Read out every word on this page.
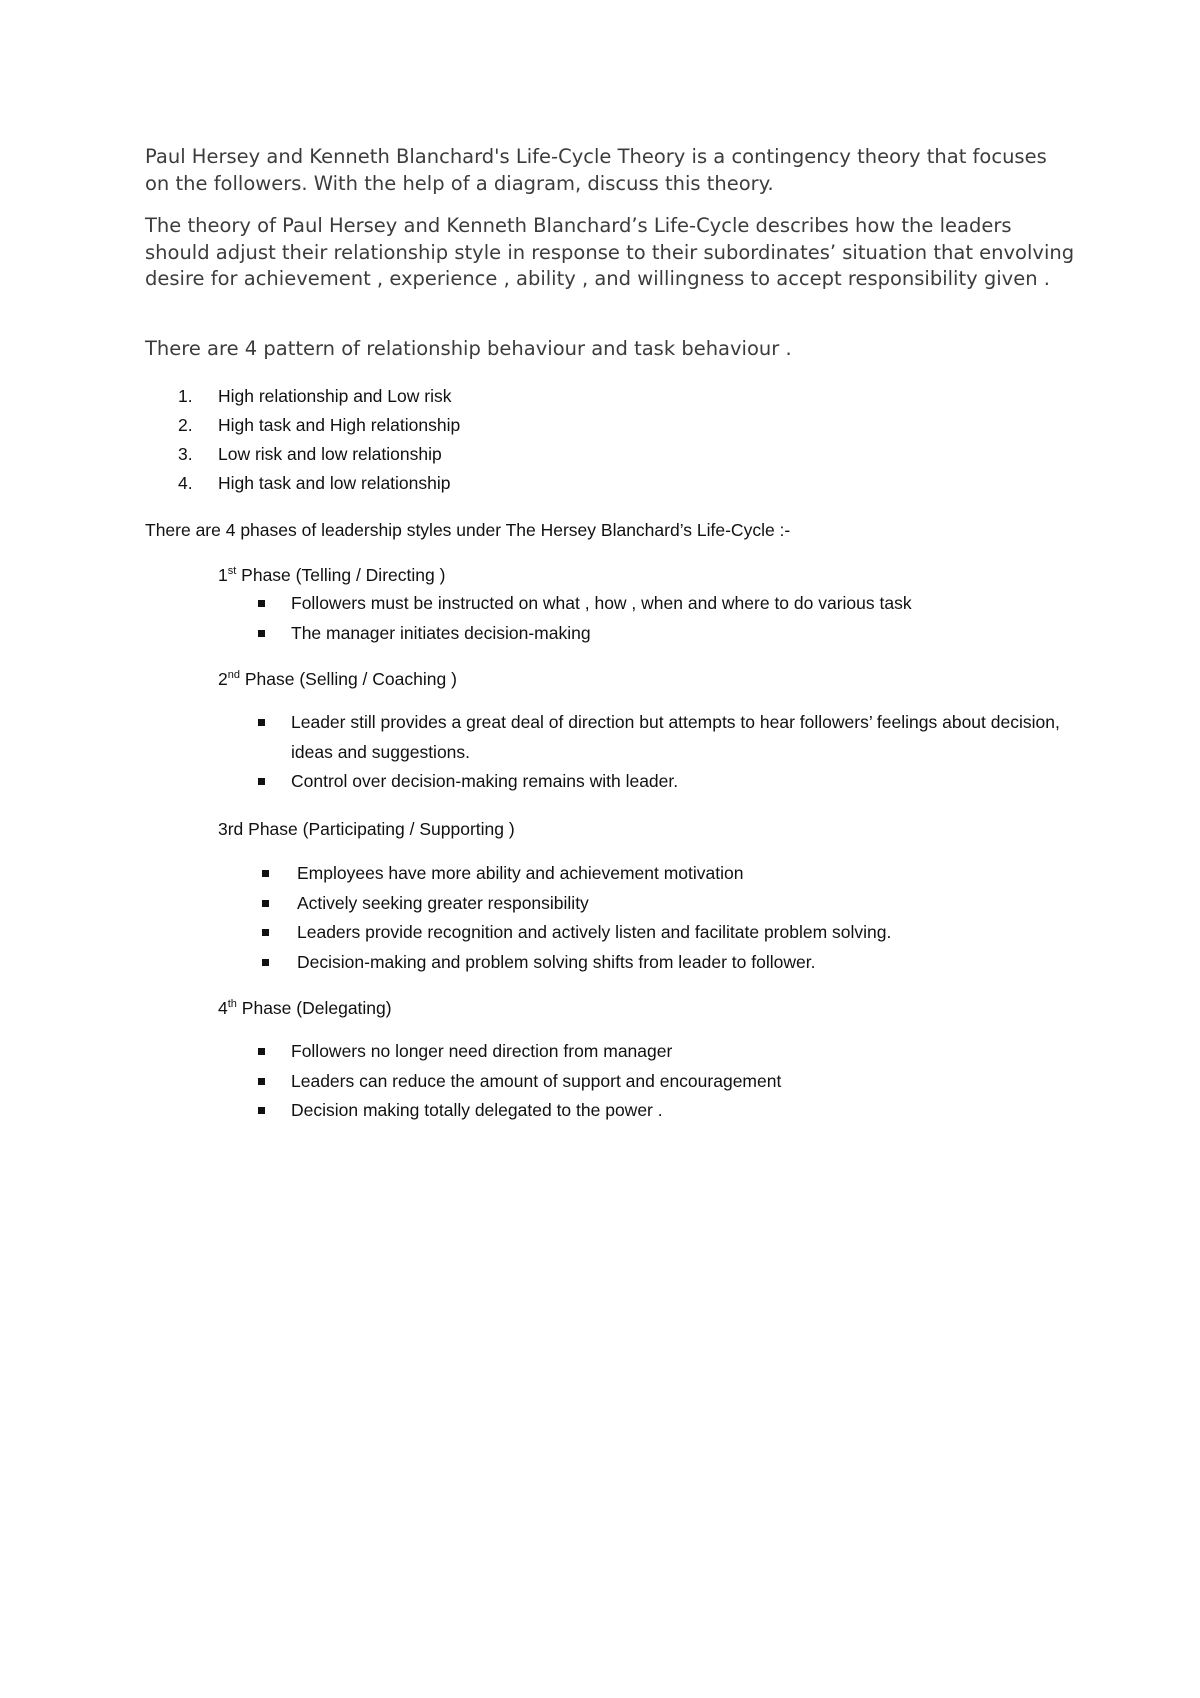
Paul Hersey and Kenneth Blanchard's Life-Cycle Theory is a contingency theory that focuses on the followers. With the help of a diagram, discuss this theory.

The theory of Paul Hersey and Kenneth Blanchard’s Life-Cycle describes how the leaders should adjust their relationship style in response to their subordinates’ situation that envolving desire for achievement , experience , ability , and willingness to accept responsibility given .

There are 4 pattern of relationship behaviour and task behaviour .

1.	High relationship and Low risk
2.	High task and High relationship
3.	Low risk and low relationship
4.	High task and low relationship

There are 4 phases of leadership styles under The Hersey Blanchard’s Life-Cycle :-

1st Phase (Telling / Directing )

Followers must be instructed on what , how , when and where to do various task
The manager initiates decision-making

2nd Phase (Selling / Coaching )

Leader still provides a great deal of direction but attempts to hear followers’ feelings about decision, ideas and suggestions.
Control over decision-making remains with leader.

3rd Phase (Participating / Supporting )

Employees have more ability and achievement motivation
Actively seeking greater responsibility
Leaders provide recognition and actively listen and facilitate problem solving.
Decision-making and problem solving shifts from leader to follower.

4th Phase (Delegating)

Followers no longer need direction from manager
Leaders can reduce the amount of support and encouragement
Decision making totally delegated to the power .
